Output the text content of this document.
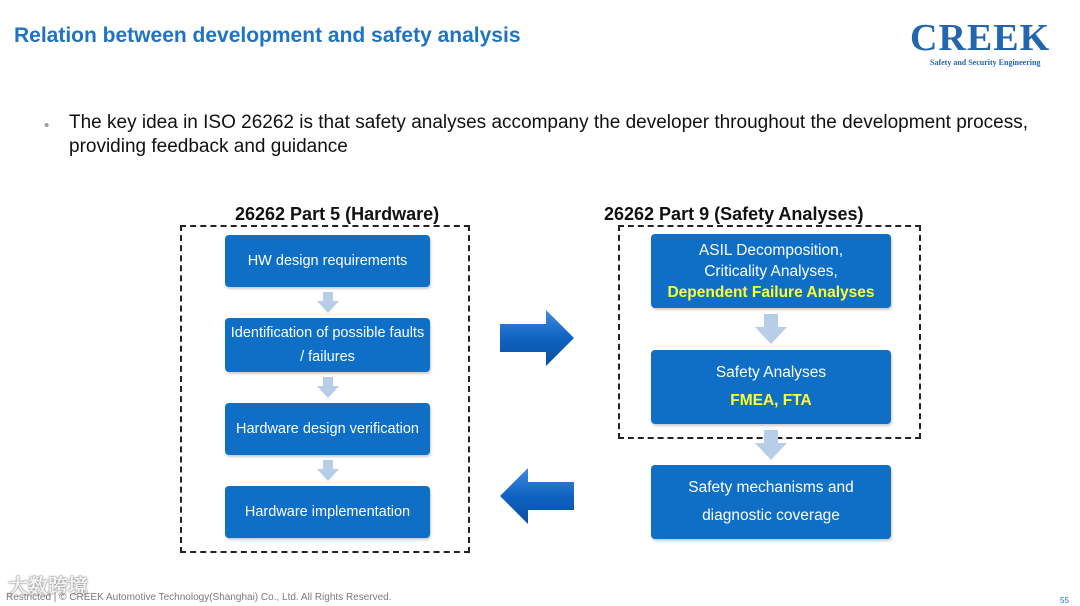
Relation between development and safety analysis	CREEK
Safety and Security Engineering
• The key idea in ISO 26262 is that safety analyses accompany the developer throughout the development process, providing feedback and guidance
26262 Part 5 (Hardware)
HW design requirements
Identification of possible faults / failures
Hardware design verification
Hardware implementation
26262 Part 9 (Safety Analyses)
ASIL Decomposition,
Criticality Analyses,
Dependent Failure Analyses
Safety Analyses
FMEA, FTA
Safety mechanisms and diagnostic coverage
大数跨境
Restricted | © CREEK Automotive Technology(Shanghai) Co., Ltd. All Rights Reserved.	55
